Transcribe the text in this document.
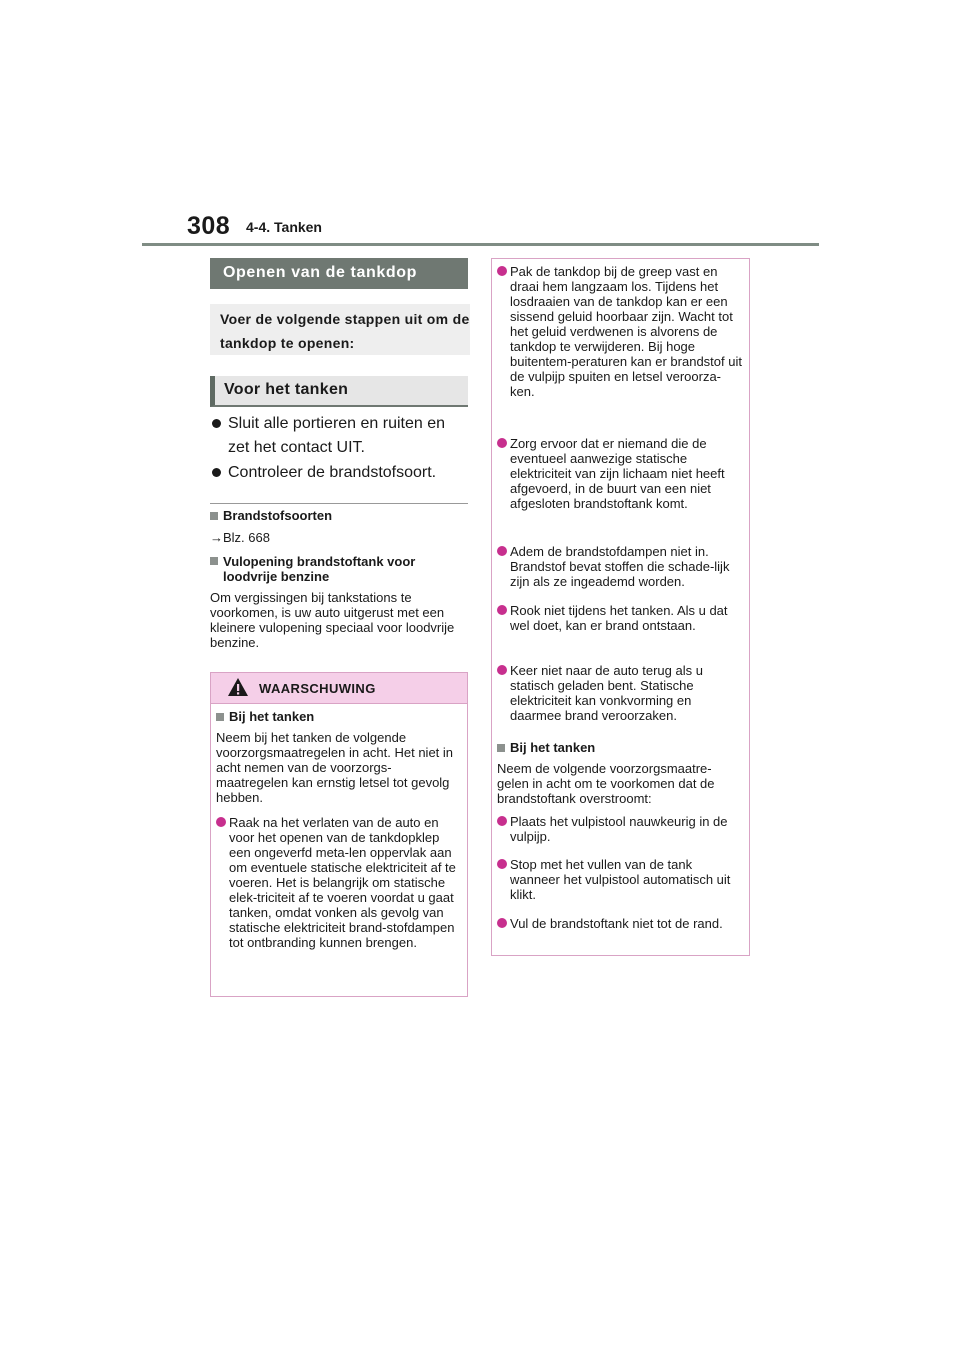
308 4-4. Tanken
Openen van de tankdop
Voer de volgende stappen uit om de tankdop te openen:
Voor het tanken
Sluit alle portieren en ruiten en zet het contact UIT.
Controleer de brandstofsoort.
Brandstofsoorten
→Blz. 668
Vulopening brandstoftank voor
loodvrije benzine
Om vergissingen bij tankstations te voorkomen, is uw auto uitgerust met een kleinere vulopening speciaal voor loodvrije benzine.
WAARSCHUWING
Bij het tanken
Neem bij het tanken de volgende voorzorgsmaatregelen in acht. Het niet in acht nemen van de voorzorgs-maatregelen kan ernstig letsel tot gevolg hebben.
Raak na het verlaten van de auto en voor het openen van de tankdopklep een ongeverfd meta-len oppervlak aan om eventuele statische elektriciteit af te voeren. Het is belangrijk om statische elek-triciteit af te voeren voordat u gaat tanken, omdat vonken als gevolg van statische elektriciteit brand-stofdampen tot ontbranding kunnen brengen.
Pak de tankdop bij de greep vast en draai hem langzaam los. Tijdens het losdraaien van de tankdop kan er een sissend geluid hoorbaar zijn. Wacht tot het geluid verdwenen is alvorens de tankdop te verwijderen. Bij hoge buitentem-peraturen kan er brandstof uit de vulpijp spuiten en letsel veroorza-ken.
Zorg ervoor dat er niemand die de eventueel aanwezige statische elektriciteit van zijn lichaam niet heeft afgevoerd, in de buurt van een niet afgesloten brandstoftank komt.
Adem de brandstofdampen niet in. Brandstof bevat stoffen die schade-lijk zijn als ze ingeademd worden.
Rook niet tijdens het tanken. Als u dat wel doet, kan er brand ontstaan.
Keer niet naar de auto terug als u statisch geladen bent. Statische elektriciteit kan vonkvorming en daarmee brand veroorzaken.
Bij het tanken
Neem de volgende voorzorgsmaatre-gelen in acht om te voorkomen dat de brandstoftank overstroomt:
Plaats het vulpistool nauwkeurig in de vulpijp.
Stop met het vullen van de tank wanneer het vulpistool automatisch uit klikt.
Vul de brandstoftank niet tot de rand.
